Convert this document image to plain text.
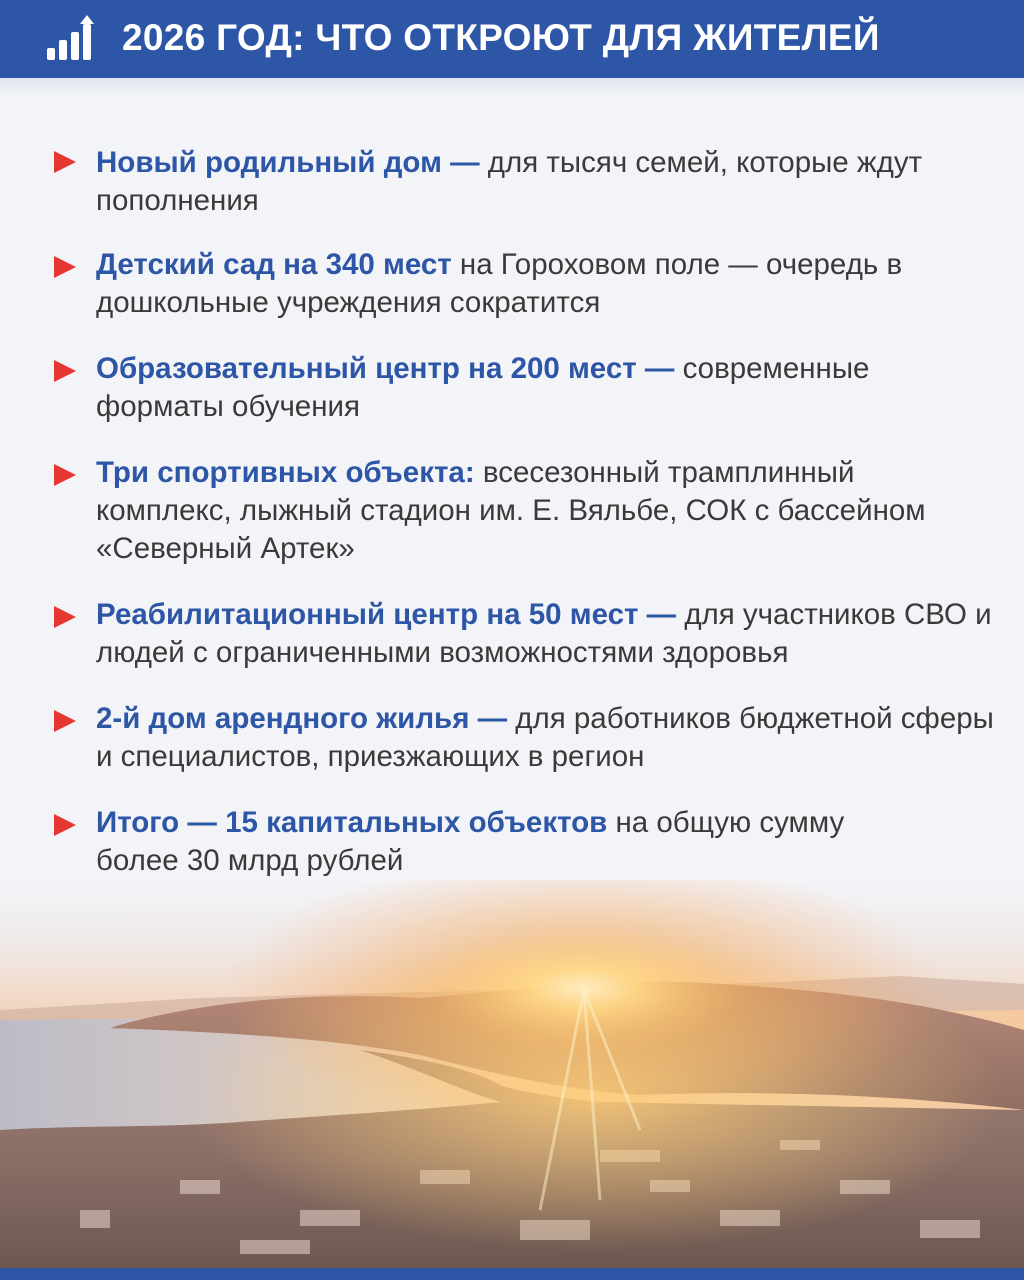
2026 ГОД: ЧТО ОТКРОЮТ ДЛЯ ЖИТЕЛЕЙ
Новый родильный дом — для тысяч семей, которые ждут пополнения
Детский сад на 340 мест на Гороховом поле — очередь в дошкольные учреждения сократится
Образовательный центр на 200 мест — современные форматы обучения
Три спортивных объекта: всесезонный трамплинный комплекс, лыжный стадион им. Е. Вяльбе, СОК с бассейном «Северный Артек»
Реабилитационный центр на 50 мест — для участников СВО и людей с ограниченными возможностями здоровья
2-й дом арендного жилья — для работников бюджетной сферы и специалистов, приезжающих в регион
Итого — 15 капитальных объектов на общую сумму более 30 млрд рублей
